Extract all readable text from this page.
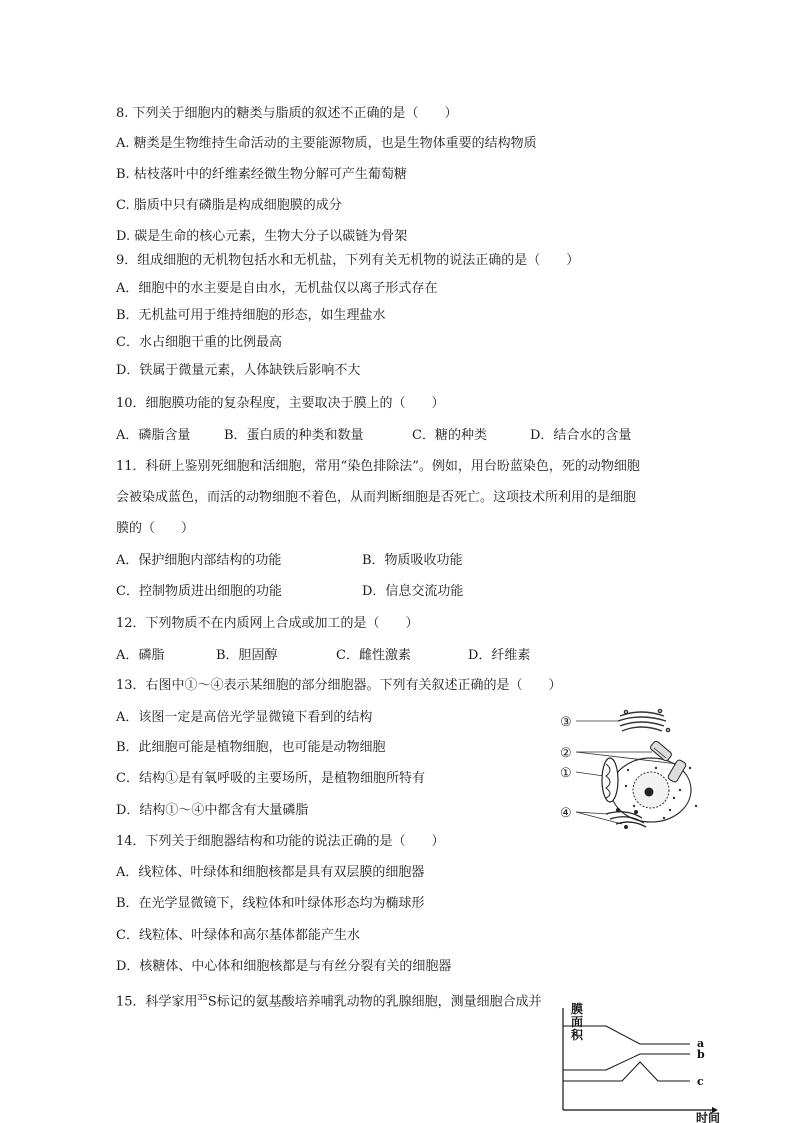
8. 下列关于细胞内的糖类与脂质的叙述不正确的是（　　）
A. 糖类是生物维持生命活动的主要能源物质，也是生物体重要的结构物质
B. 枯枝落叶中的纤维素经微生物分解可产生葡萄糖
C. 脂质中只有磷脂是构成细胞膜的成分
D. 碳是生命的核心元素，生物大分子以碳链为骨架
9．组成细胞的无机物包括水和无机盐，下列有关无机物的说法正确的是（　　）
A．细胞中的水主要是自由水，无机盐仅以离子形式存在
B．无机盐可用于维持细胞的形态，如生理盐水
C．水占细胞干重的比例最高
D．铁属于微量元素，人体缺铁后影响不大
10．细胞膜功能的复杂程度，主要取决于膜上的（　　）
A．磷脂含量	B．蛋白质的种类和数量	C．糖的种类	D．结合水的含量
11．科研上鉴别死细胞和活细胞，常用“染色排除法”。例如，用台盼蓝染色，死的动物细胞
会被染成蓝色，而活的动物细胞不着色，从而判断细胞是否死亡。这项技术所利用的是细胞
膜的（　　）
A．保护细胞内部结构的功能	B．物质吸收功能
C．控制物质进出细胞的功能	D．信息交流功能
12．下列物质不在内质网上合成或加工的是（　　）
A．磷脂	B．胆固醇	C．雌性激素	D．纤维素
13．右图中①～④表示某细胞的部分细胞器。下列有关叙述正确的是（　　）
A．该图一定是高倍光学显微镜下看到的结构
B．此细胞可能是植物细胞，也可能是动物细胞
C．结构①是有氧呼吸的主要场所，是植物细胞所特有
D．结构①～④中都含有大量磷脂
③
②
①
④
14．下列关于细胞器结构和功能的说法正确的是（　　）
A．线粒体、叶绿体和细胞核都是具有双层膜的细胞器
B．在光学显微镜下，线粒体和叶绿体形态均为椭球形
C．线粒体、叶绿体和高尔基体都能产生水
D．核糖体、中心体和细胞核都是与有丝分裂有关的细胞器
15．科学家用$^{35}$S标记的氨基酸培养哺乳动物的乳腺细胞，测量细胞合成并 膜
面
积
a
b
c
时间
